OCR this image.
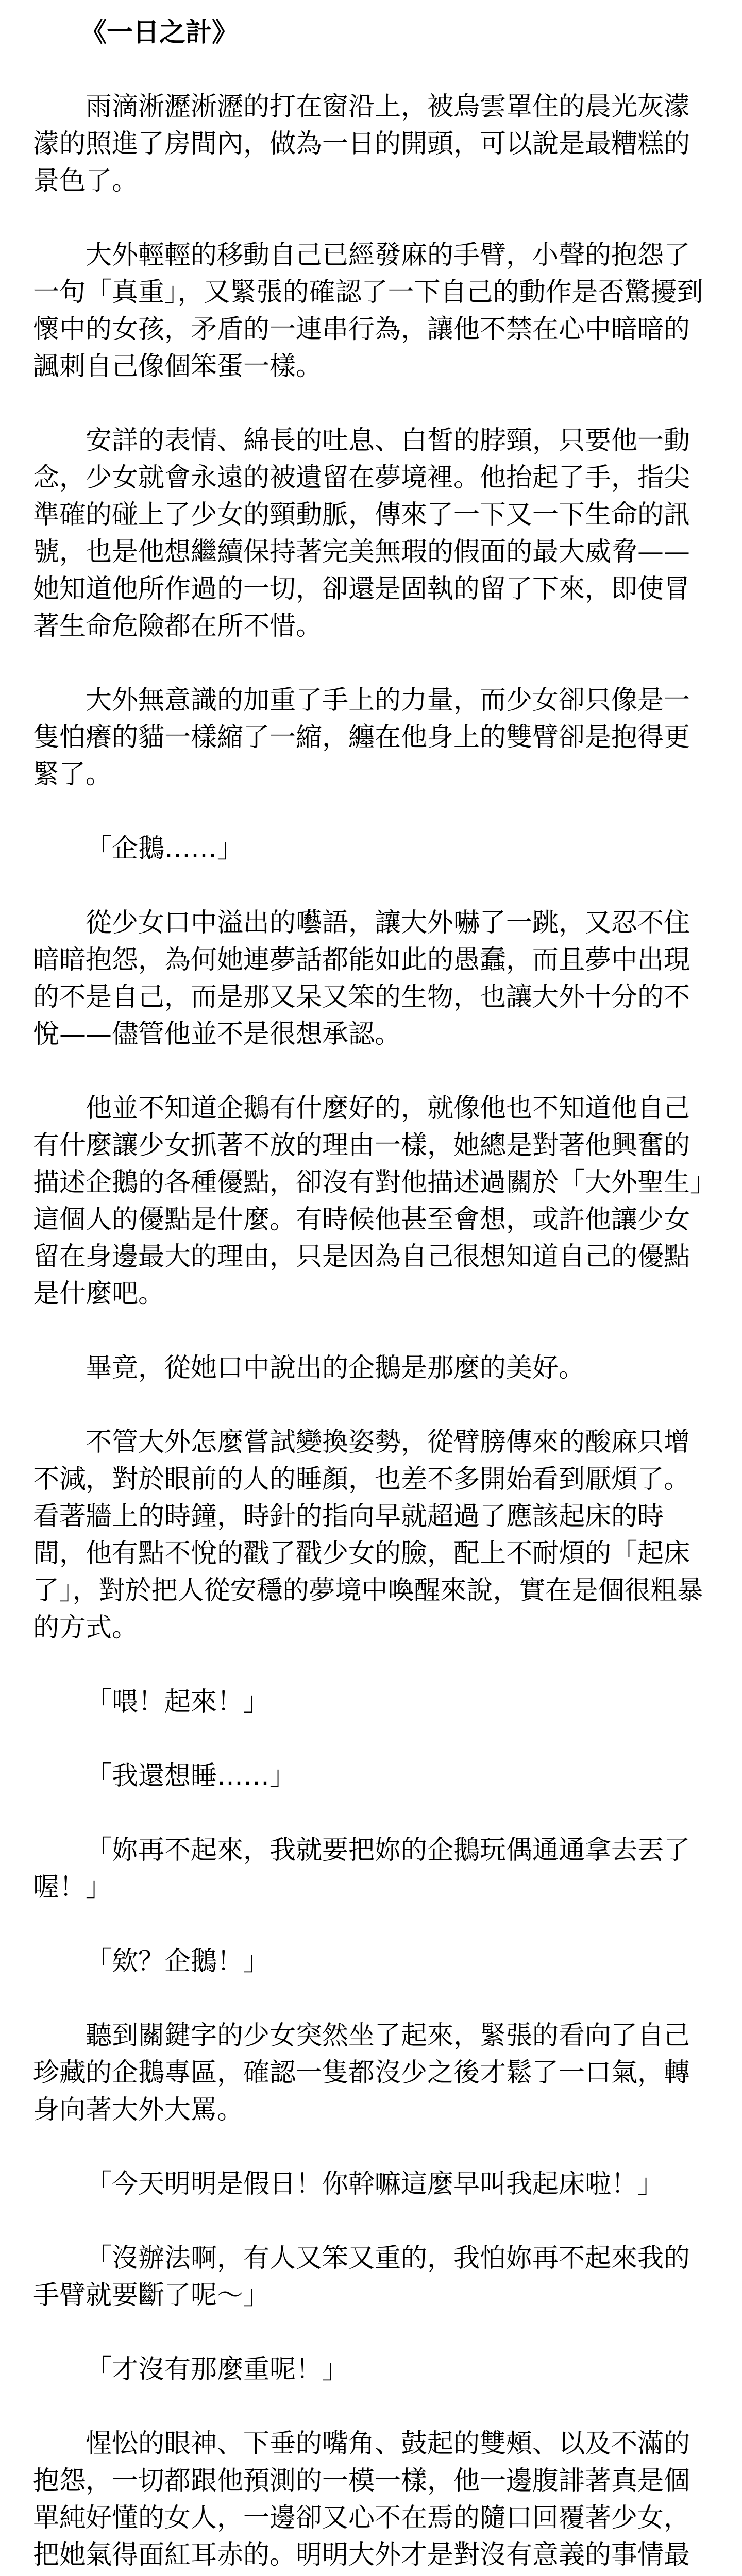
《一日之計》

雨滴淅瀝淅瀝的打在窗沿上，被烏雲罩住的晨光灰濛濛的照進了房間內，做為一日的開頭，可以說是最糟糕的景色了。

大外輕輕的移動自己已經發麻的手臂，小聲的抱怨了一句「真重」，又緊張的確認了一下自己的動作是否驚擾到懷中的女孩，矛盾的一連串行為，讓他不禁在心中暗暗的諷刺自己像個笨蛋一樣。

安詳的表情、綿長的吐息、白皙的脖頸，只要他一動念，少女就會永遠的被遺留在夢境裡。他抬起了手，指尖準確的碰上了少女的頸動脈，傳來了一下又一下生命的訊號，也是他想繼續保持著完美無瑕的假面的最大威脅——她知道他所作過的一切，卻還是固執的留了下來，即使冒著生命危險都在所不惜。

大外無意識的加重了手上的力量，而少女卻只像是一隻怕癢的貓一樣縮了一縮，纏在他身上的雙臂卻是抱得更緊了。

「企鵝……」

從少女口中溢出的囈語，讓大外嚇了一跳，又忍不住暗暗抱怨，為何她連夢話都能如此的愚蠢，而且夢中出現的不是自己，而是那又呆又笨的生物，也讓大外十分的不悅——儘管他並不是很想承認。

他並不知道企鵝有什麼好的，就像他也不知道他自己有什麼讓少女抓著不放的理由一樣，她總是對著他興奮的描述企鵝的各種優點，卻沒有對他描述過關於「大外聖生」這個人的優點是什麼。有時候他甚至會想，或許他讓少女留在身邊最大的理由，只是因為自己很想知道自己的優點是什麼吧。

畢竟，從她口中說出的企鵝是那麼的美好。

不管大外怎麼嘗試變換姿勢，從臂膀傳來的酸麻只增不減，對於眼前的人的睡顏，也差不多開始看到厭煩了。看著牆上的時鐘，時針的指向早就超過了應該起床的時間，他有點不悅的戳了戳少女的臉，配上不耐煩的「起床了」，對於把人從安穩的夢境中喚醒來說，實在是個很粗暴的方式。

「喂！起來！」

「我還想睡……」

「妳再不起來，我就要把妳的企鵝玩偶通通拿去丟了喔！」

「欸？企鵝！」

聽到關鍵字的少女突然坐了起來，緊張的看向了自己珍藏的企鵝專區，確認一隻都沒少之後才鬆了一口氣，轉身向著大外大罵。

「今天明明是假日！你幹嘛這麼早叫我起床啦！」

「沒辦法啊，有人又笨又重的，我怕妳再不起來我的手臂就要斷了呢～」

「才沒有那麼重呢！」

惺忪的眼神、下垂的嘴角、鼓起的雙頰、以及不滿的抱怨，一切都跟他預測的一模一樣，他一邊腹誹著真是個單純好懂的女人，一邊卻又心不在焉的隨口回覆著少女，把她氣得面紅耳赤的。明明大外才是對沒有意義的事情最
